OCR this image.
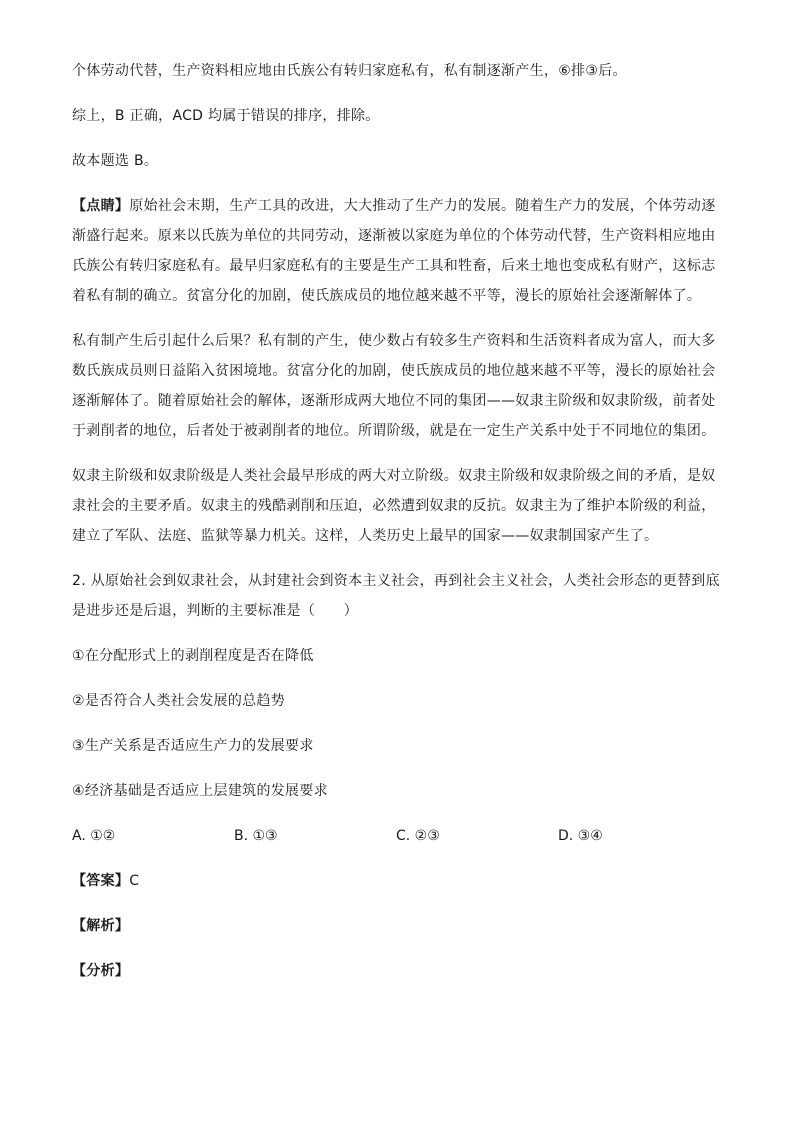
个体劳动代替，生产资料相应地由氏族公有转归家庭私有，私有制逐渐产生，⑥排③后。

综上，B 正确，ACD 均属于错误的排序，排除。

故本题选 B。

【点睛】原始社会末期，生产工具的改进，大大推动了生产力的发展。随着生产力的发展，个体劳动逐渐盛行起来。原来以氏族为单位的共同劳动，逐渐被以家庭为单位的个体劳动代替，生产资料相应地由氏族公有转归家庭私有。最早归家庭私有的主要是生产工具和牲畜，后来土地也变成私有财产，这标志着私有制的确立。贫富分化的加剧，使氏族成员的地位越来越不平等，漫长的原始社会逐渐解体了。

私有制产生后引起什么后果？私有制的产生，使少数占有较多生产资料和生活资料者成为富人，而大多数氏族成员则日益陷入贫困境地。贫富分化的加剧，使氏族成员的地位越来越不平等，漫长的原始社会逐渐解体了。随着原始社会的解体，逐渐形成两大地位不同的集团——奴隶主阶级和奴隶阶级，前者处于剥削者的地位，后者处于被剥削者的地位。所谓阶级，就是在一定生产关系中处于不同地位的集团。

奴隶主阶级和奴隶阶级是人类社会最早形成的两大对立阶级。奴隶主阶级和奴隶阶级之间的矛盾，是奴隶社会的主要矛盾。奴隶主的残酷剥削和压迫，必然遭到奴隶的反抗。奴隶主为了维护本阶级的利益，建立了军队、法庭、监狱等暴力机关。这样，人类历史上最早的国家——奴隶制国家产生了。

2. 从原始社会到奴隶社会，从封建社会到资本主义社会，再到社会主义社会，人类社会形态的更替到底是进步还是后退，判断的主要标准是（　　）

①在分配形式上的剥削程度是否在降低

②是否符合人类社会发展的总趋势

③生产关系是否适应生产力的发展要求

④经济基础是否适应上层建筑的发展要求

A. ①②	B. ①③	C. ②③	D. ③④

【答案】C

【解析】

【分析】
